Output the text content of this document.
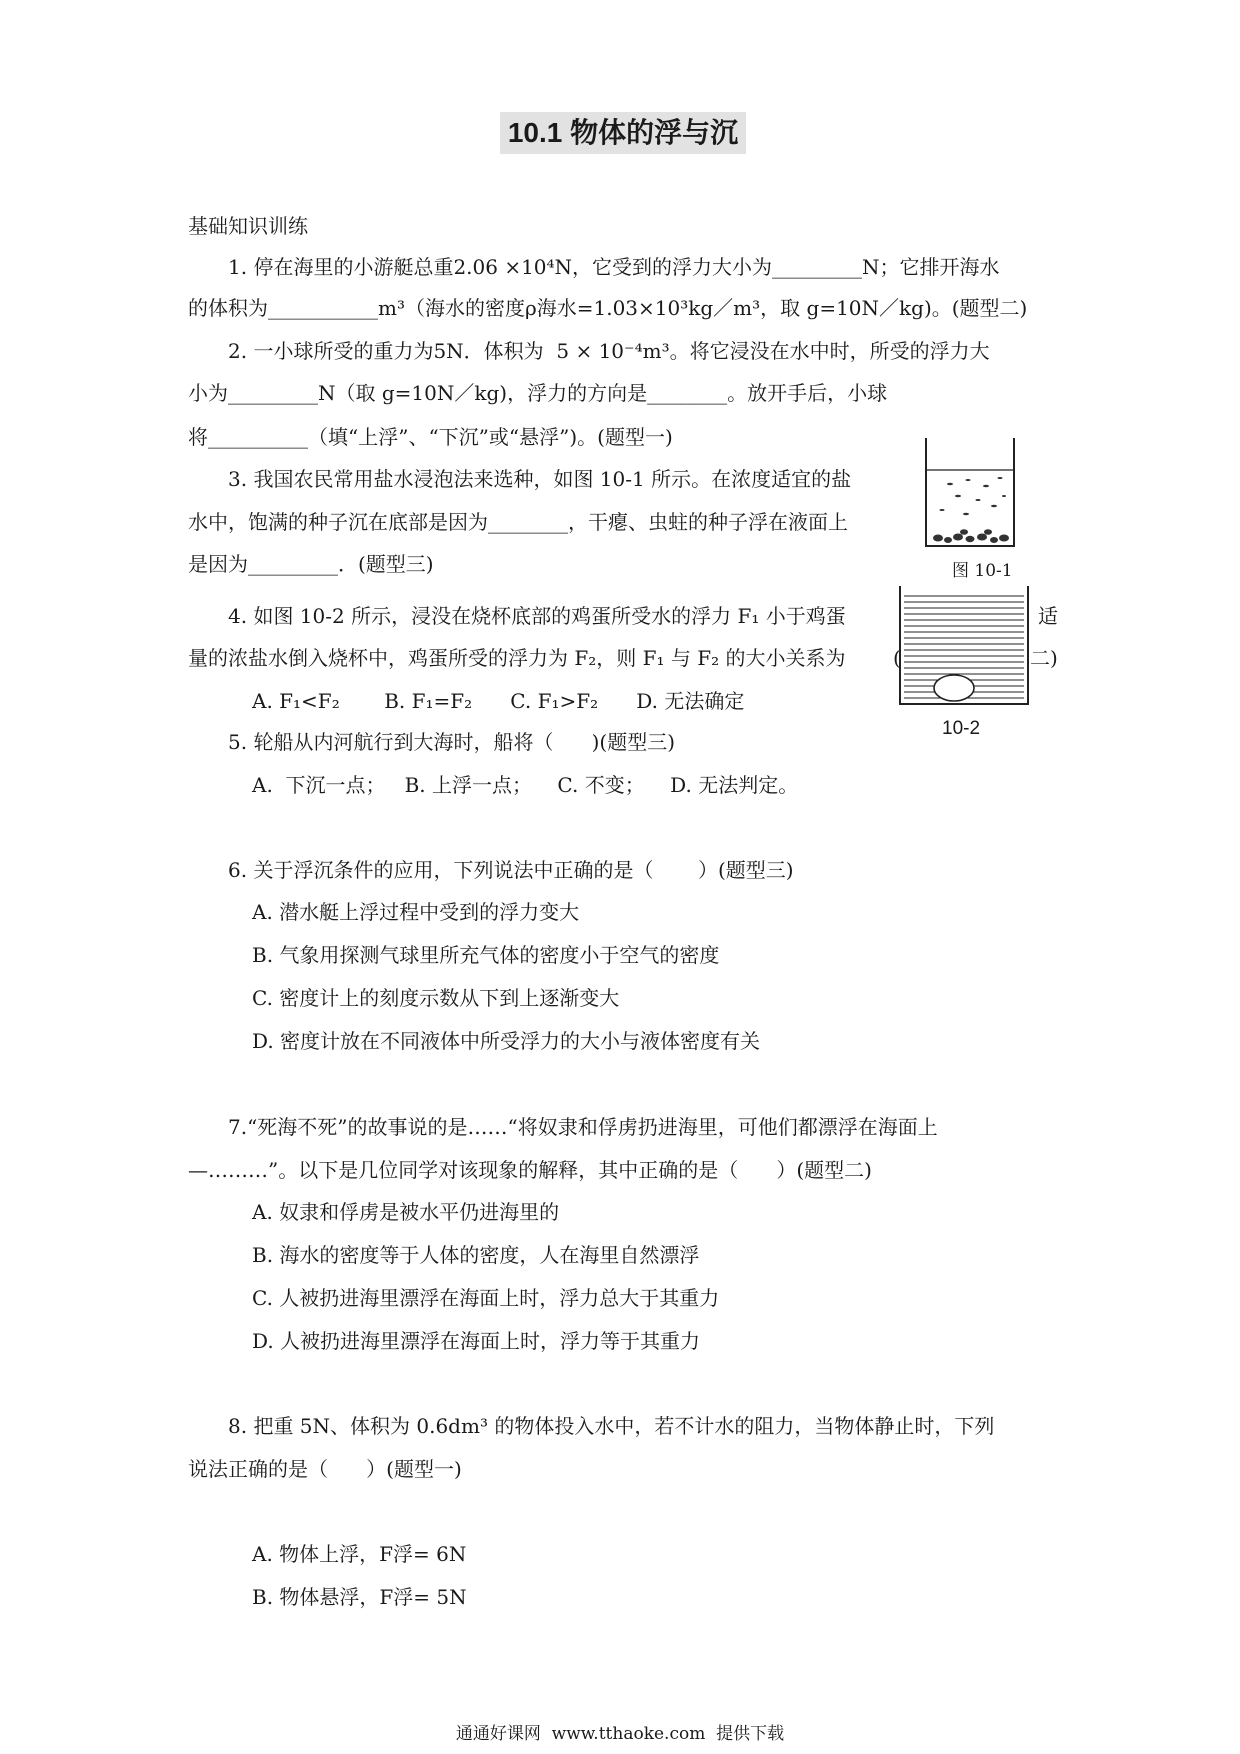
10.1 物体的浮与沉
基础知识训练
1. 停在海里的小游艇总重2.06 ×10⁴N，它受到的浮力大小为_________N；它排开海水
的体积为___________m³（海水的密度ρ海水=1.03×10³kg／m³，取 g=10N／kg)。(题型二)
2. 一小球所受的重力为5N．体积为  5 × 10⁻⁴m³。将它浸没在水中时，所受的浮力大
小为_________N（取 g=10N／kg)，浮力的方向是________。放开手后，小球
将__________（填“上浮”、“下沉”或“悬浮”)。(题型一)
3. 我国农民常用盐水浸泡法来选种，如图 10-1 所示。在浓度适宜的盐
水中，饱满的种子沉在底部是因为________，干瘪、虫蛀的种子浮在液面上
是因为_________．(题型三)	图 10-1
4. 如图 10-2 所示，浸没在烧杯底部的鸡蛋所受水的浮力 F₁ 小于鸡蛋	适
量的浓盐水倒入烧杯中，鸡蛋所受的浮力为 F₂，则 F₁ 与 F₂ 的大小关系为 (	二)
A. F₁<F₂       B. F₁=F₂      C. F₁>F₂      D. 无法确定
10-2
5. 轮船从内河航行到大海时，船将（      )(题型三)
A.  下沉一点；   B. 上浮一点；    C. 不变；    D. 无法判定。
6. 关于浮沉条件的应用，下列说法中正确的是（       ）(题型三)
A. 潜水艇上浮过程中受到的浮力变大
B. 气象用探测气球里所充气体的密度小于空气的密度
C. 密度计上的刻度示数从下到上逐渐变大
D. 密度计放在不同液体中所受浮力的大小与液体密度有关
7.“死海不死”的故事说的是……“将奴隶和俘虏扔进海里，可他们都漂浮在海面上
—………”。以下是几位同学对该现象的解释，其中正确的是（      ）(题型二)
A. 奴隶和俘虏是被水平仍进海里的
B. 海水的密度等于人体的密度，人在海里自然漂浮
C. 人被扔进海里漂浮在海面上时，浮力总大于其重力
D. 人被扔进海里漂浮在海面上时，浮力等于其重力
8. 把重 5N、体积为 0.6dm³ 的物体投入水中，若不计水的阻力，当物体静止时，下列
说法正确的是（      ）(题型一)
A. 物体上浮，F浮= 6N
B. 物体悬浮，F浮= 5N
通通好课网  www.tthaoke.com  提供下载
